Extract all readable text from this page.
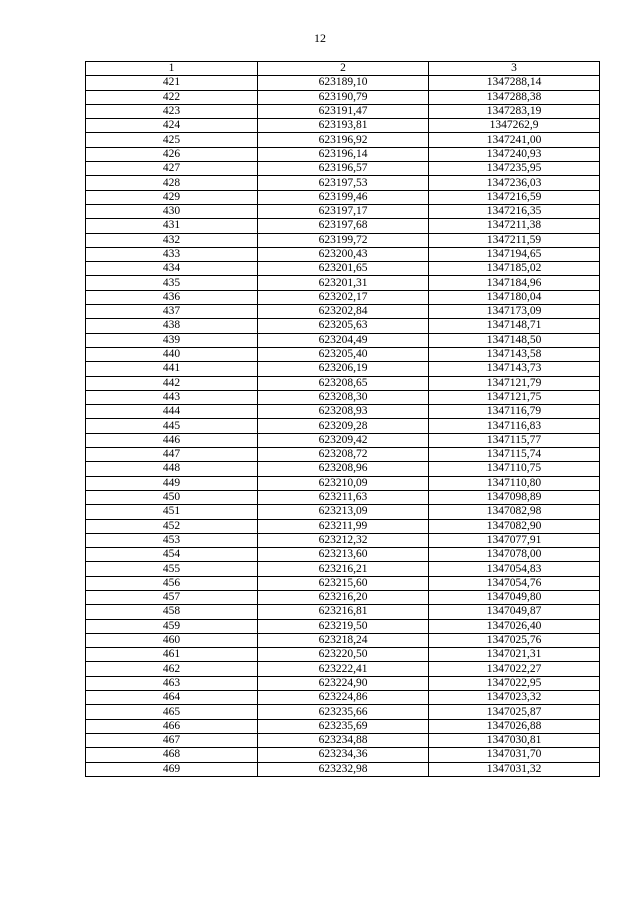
12
1	2	3
421	623189,10	1347288,14
422	623190,79	1347288,38
423	623191,47	1347283,19
424	623193,81	1347262,9
425	623196,92	1347241,00
426	623196,14	1347240,93
427	623196,57	1347235,95
428	623197,53	1347236,03
429	623199,46	1347216,59
430	623197,17	1347216,35
431	623197,68	1347211,38
432	623199,72	1347211,59
433	623200,43	1347194,65
434	623201,65	1347185,02
435	623201,31	1347184,96
436	623202,17	1347180,04
437	623202,84	1347173,09
438	623205,63	1347148,71
439	623204,49	1347148,50
440	623205,40	1347143,58
441	623206,19	1347143,73
442	623208,65	1347121,79
443	623208,30	1347121,75
444	623208,93	1347116,79
445	623209,28	1347116,83
446	623209,42	1347115,77
447	623208,72	1347115,74
448	623208,96	1347110,75
449	623210,09	1347110,80
450	623211,63	1347098,89
451	623213,09	1347082,98
452	623211,99	1347082,90
453	623212,32	1347077,91
454	623213,60	1347078,00
455	623216,21	1347054,83
456	623215,60	1347054,76
457	623216,20	1347049,80
458	623216,81	1347049,87
459	623219,50	1347026,40
460	623218,24	1347025,76
461	623220,50	1347021,31
462	623222,41	1347022,27
463	623224,90	1347022,95
464	623224,86	1347023,32
465	623235,66	1347025,87
466	623235,69	1347026,88
467	623234,88	1347030,81
468	623234,36	1347031,70
469	623232,98	1347031,32
